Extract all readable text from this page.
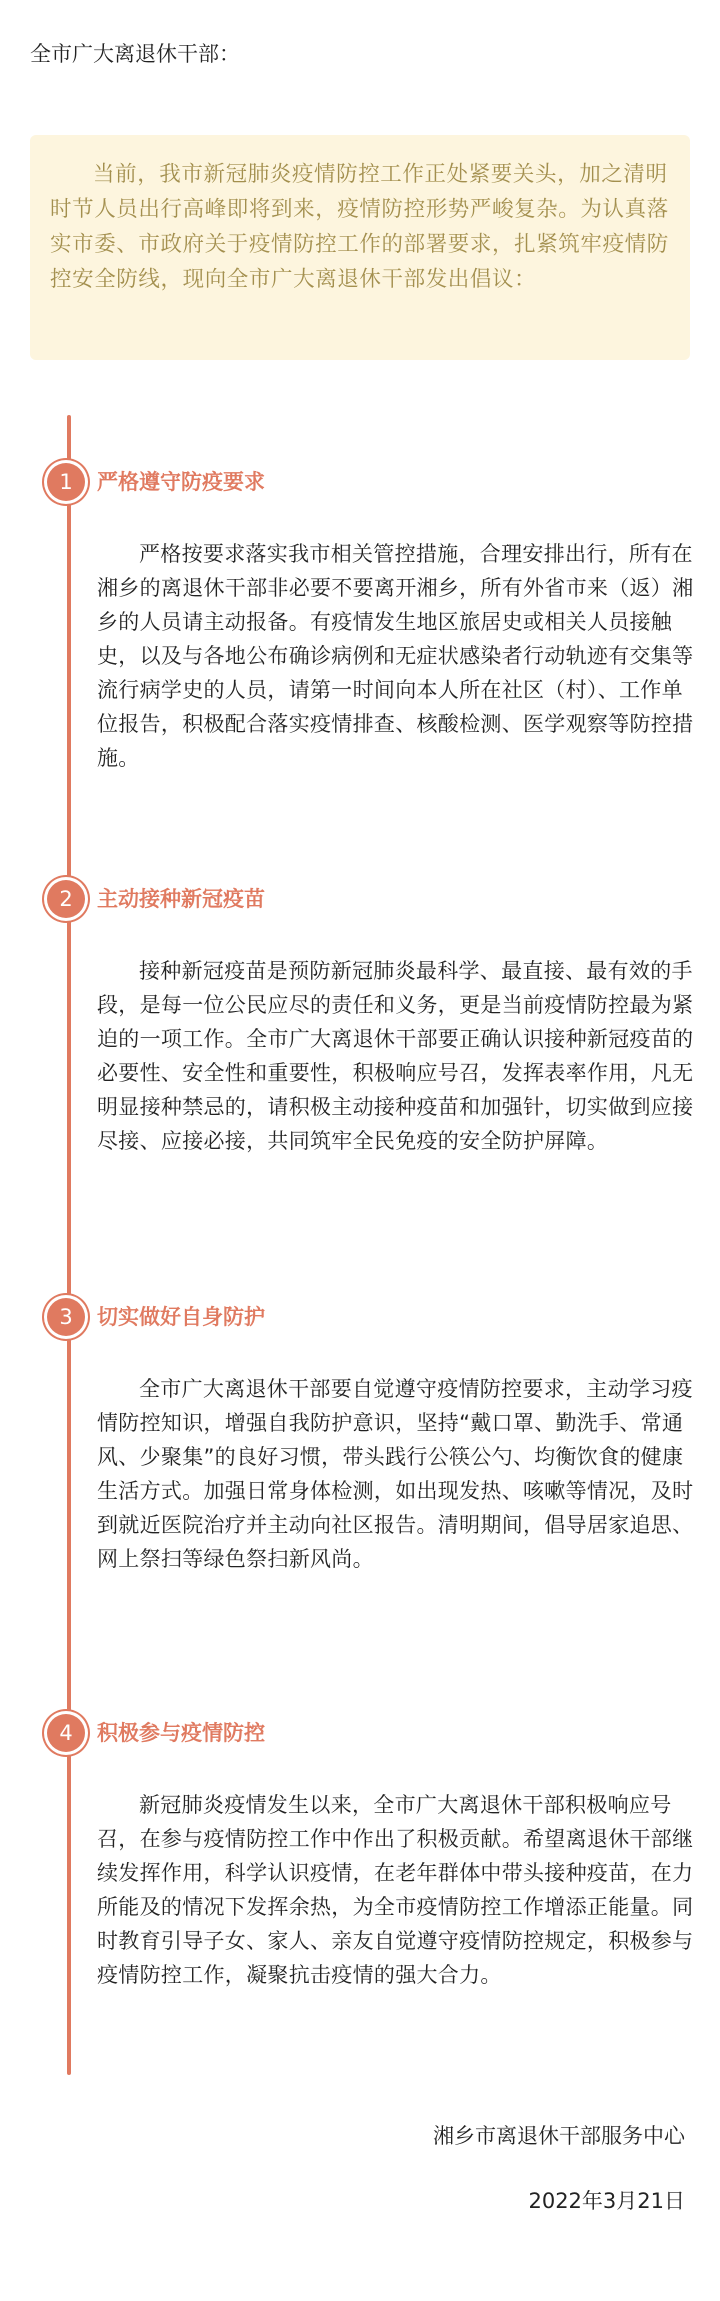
全市广大离退休干部：

当前，我市新冠肺炎疫情防控工作正处紧要关头，加之清明时节人员出行高峰即将到来，疫情防控形势严峻复杂。为认真落实市委、市政府关于疫情防控工作的部署要求，扎紧筑牢疫情防控安全防线，现向全市广大离退休干部发出倡议：

1	严格遵守防疫要求

严格按要求落实我市相关管控措施，合理安排出行，所有在湘乡的离退休干部非必要不要离开湘乡，所有外省市来（返）湘乡的人员请主动报备。有疫情发生地区旅居史或相关人员接触史，以及与各地公布确诊病例和无症状感染者行动轨迹有交集等流行病学史的人员，请第一时间向本人所在社区（村）、工作单位报告，积极配合落实疫情排查、核酸检测、医学观察等防控措施。

2	主动接种新冠疫苗

接种新冠疫苗是预防新冠肺炎最科学、最直接、最有效的手段，是每一位公民应尽的责任和义务，更是当前疫情防控最为紧迫的一项工作。全市广大离退休干部要正确认识接种新冠疫苗的必要性、安全性和重要性，积极响应号召，发挥表率作用，凡无明显接种禁忌的，请积极主动接种疫苗和加强针，切实做到应接尽接、应接必接，共同筑牢全民免疫的安全防护屏障。

3	切实做好自身防护

全市广大离退休干部要自觉遵守疫情防控要求，主动学习疫情防控知识，增强自我防护意识，坚持“戴口罩、勤洗手、常通风、少聚集”的良好习惯，带头践行公筷公勺、均衡饮食的健康生活方式。加强日常身体检测，如出现发热、咳嗽等情况，及时到就近医院治疗并主动向社区报告。清明期间，倡导居家追思、网上祭扫等绿色祭扫新风尚。

4	积极参与疫情防控

新冠肺炎疫情发生以来，全市广大离退休干部积极响应号召，在参与疫情防控工作中作出了积极贡献。希望离退休干部继续发挥作用，科学认识疫情，在老年群体中带头接种疫苗，在力所能及的情况下发挥余热，为全市疫情防控工作增添正能量。同时教育引导子女、家人、亲友自觉遵守疫情防控规定，积极参与疫情防控工作，凝聚抗击疫情的强大合力。

湘乡市离退休干部服务中心
2022年3月21日
